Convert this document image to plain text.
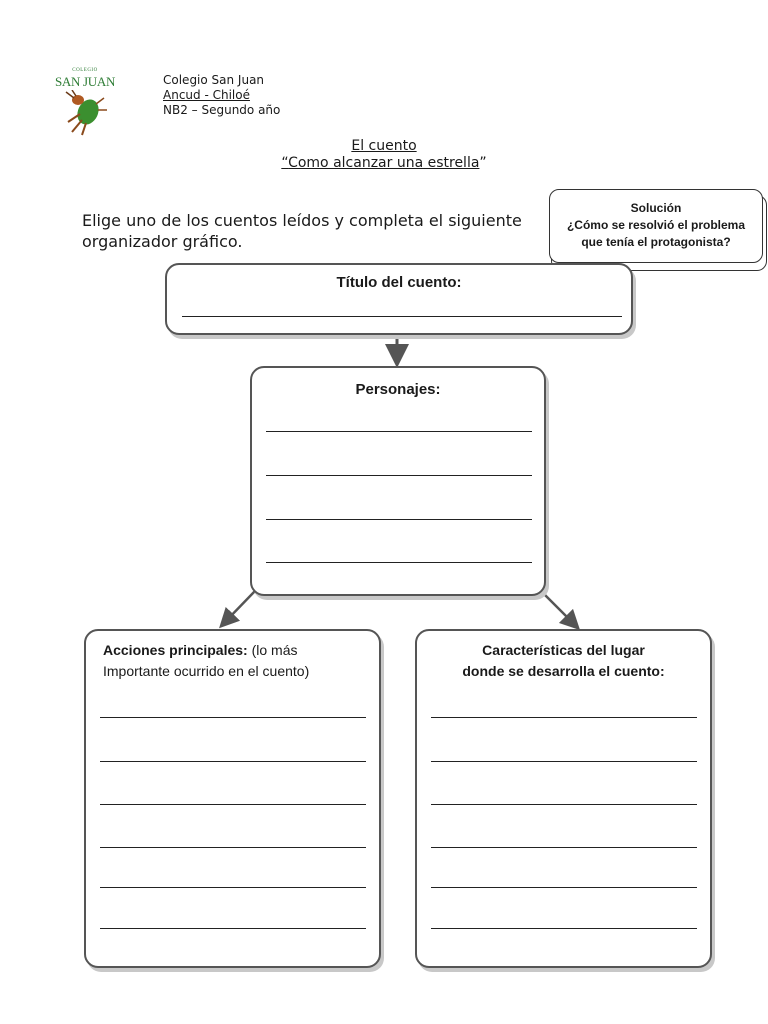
COLEGIO
SAN JUAN	Colegio San Juan
Ancud - Chiloé
NB2 – Segundo año
El cuento
“Como alcanzar una estrella”
Elige uno de los cuentos leídos y completa el siguiente organizador gráfico.
Solución
¿Cómo se resolvió el problema
que tenía el protagonista?
Título del cuento:
Personajes:
Acciones principales: (lo más
Importante ocurrido en el cuento)
Características del lugar
donde se desarrolla el cuento:
